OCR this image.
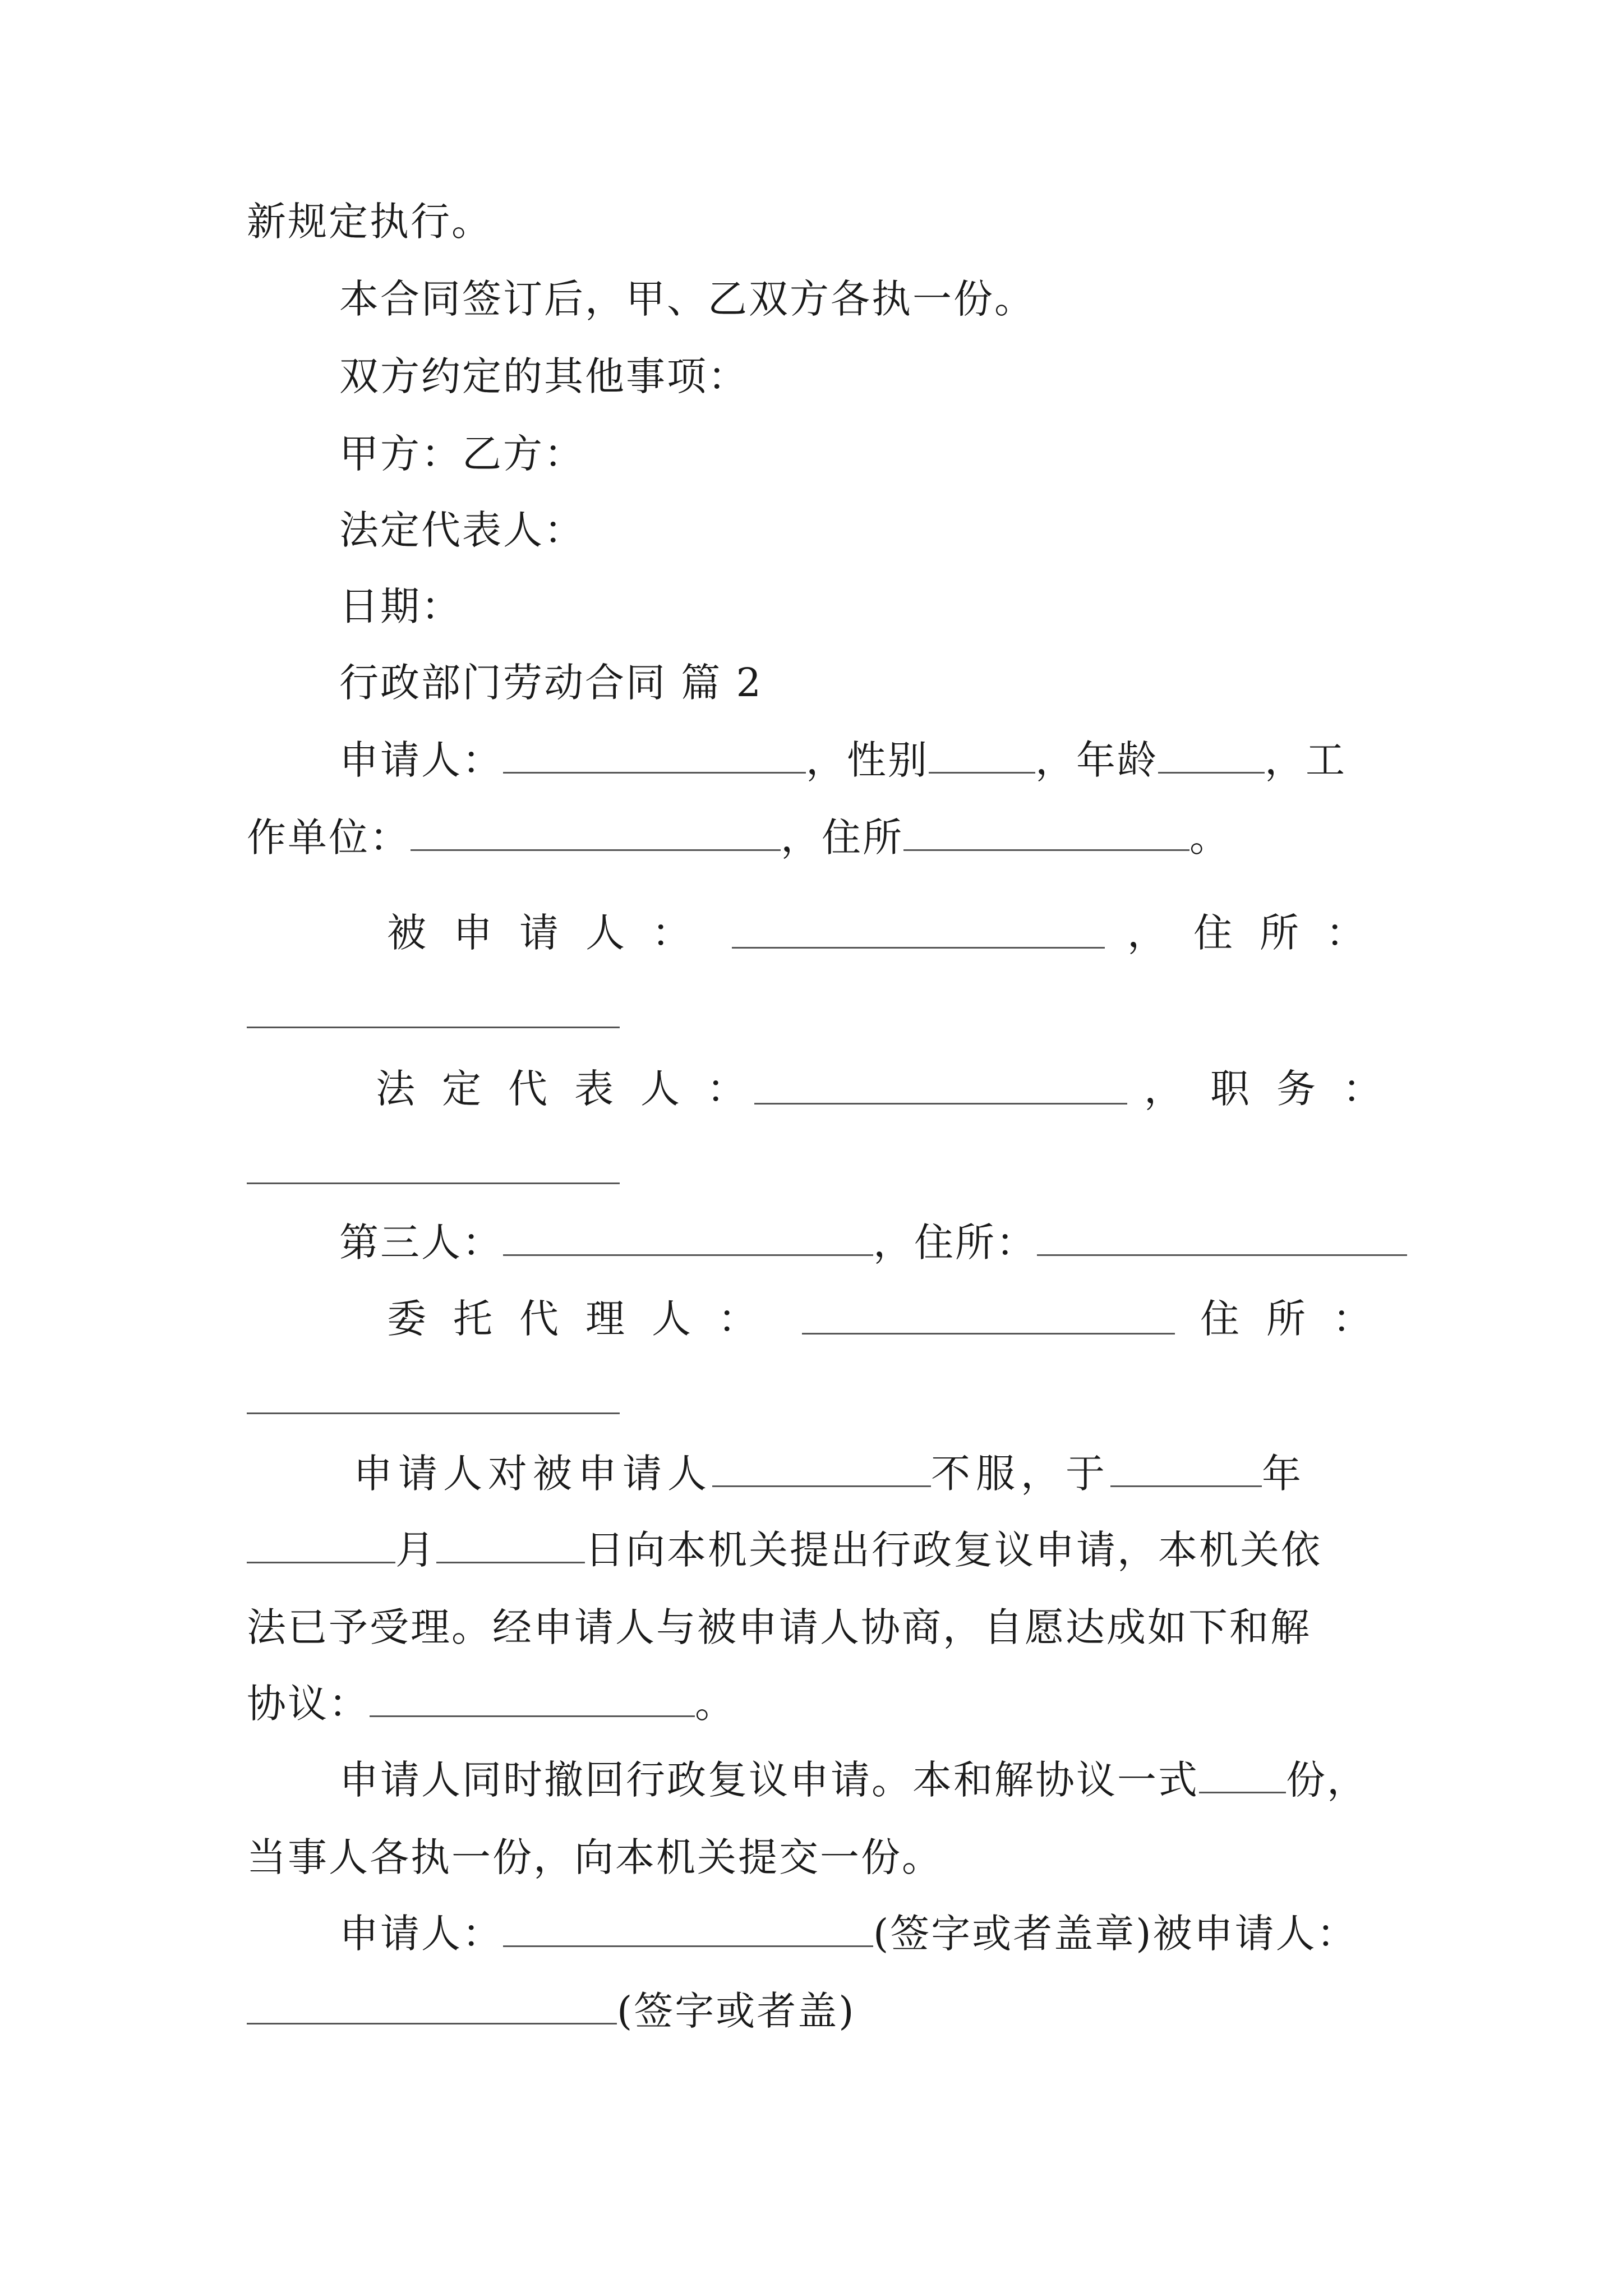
新规定执行。
本合同签订后，甲、乙双方各执一份。
双方约定的其他事项：
甲方：乙方：
法定代表人：
日期：
行政部门劳动合同 篇 2
申请人：	，性别	，年龄	，工
作单位：	，住所	。
被申请人：	，住所：
法定代表人：	，职务：
第三人：	，住所：
委托代理人：	住所：
申请人对被申请人	不服，于	年
月	日向本机关提出行政复议申请，本机关依
法已予受理。经申请人与被申请人协商，自愿达成如下和解
协议：	。
申请人同时撤回行政复议申请。本和解协议一式 份，
当事人各执一份，向本机关提交一份。
申请人：	(签字或者盖章)被申请人：
(签字或者盖)
